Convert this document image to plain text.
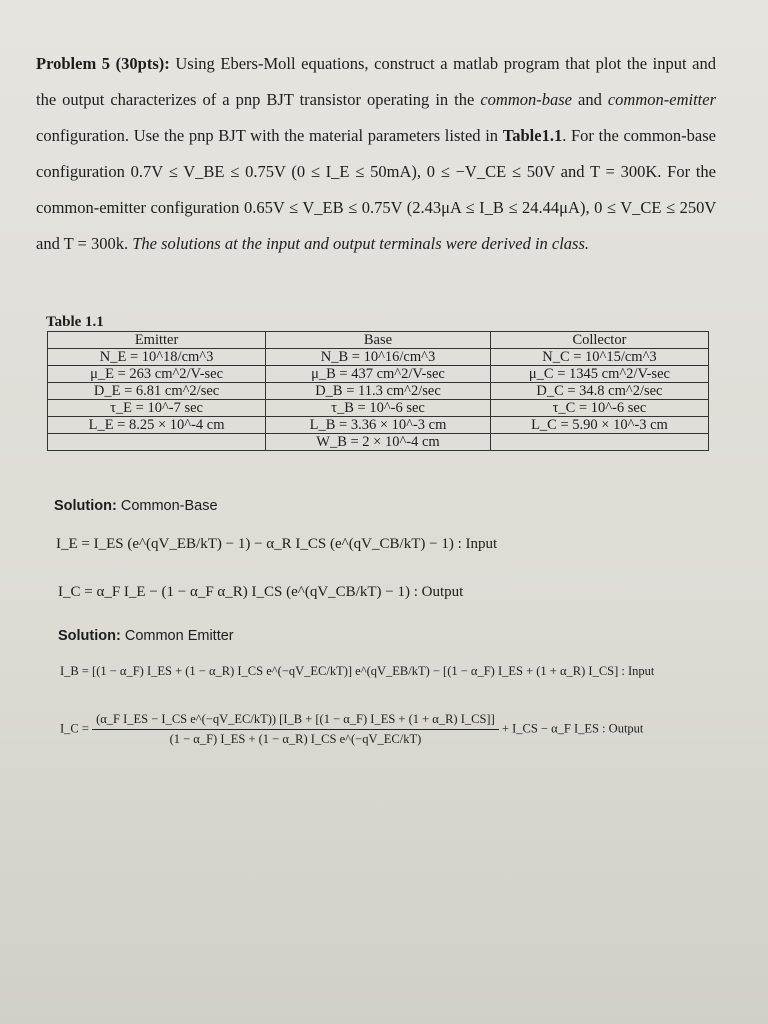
Problem 5 (30pts): Using Ebers-Moll equations, construct a matlab program that plot the input and the output characterizes of a pnp BJT transistor operating in the common-base and common-emitter configuration. Use the pnp BJT with the material parameters listed in Table1.1. For the common-base configuration 0.7V ≤ V_BE ≤ 0.75V (0 ≤ I_E ≤ 50mA), 0 ≤ −V_CE ≤ 50V and T = 300K. For the common-emitter configuration 0.65V ≤ V_EB ≤ 0.75V (2.43μA ≤ I_B ≤ 24.44μA), 0 ≤ V_CE ≤ 250V and T = 300k. The solutions at the input and output terminals were derived in class.
Table 1.1
Emitter	Base	Collector
N_E = 10^18/cm^3	N_B = 10^16/cm^3	N_C = 10^15/cm^3
μ_E = 263 cm^2/V-sec	μ_B = 437 cm^2/V-sec	μ_C = 1345 cm^2/V-sec
D_E = 6.81 cm^2/sec	D_B = 11.3 cm^2/sec	D_C = 34.8 cm^2/sec
τ_E = 10^-7 sec	τ_B = 10^-6 sec	τ_C = 10^-6 sec
L_E = 8.25 × 10^-4 cm	L_B = 3.36 × 10^-3 cm	L_C = 5.90 × 10^-3 cm
	W_B = 2 × 10^-4 cm	
Solution: Common-Base
I_E = I_ES (e^(qV_EB/kT) − 1) − α_R I_CS (e^(qV_CB/kT) − 1) : Input
I_C = α_F I_E − (1 − α_F α_R) I_CS (e^(qV_CB/kT) − 1) : Output
Solution: Common Emitter
I_B = [(1 − α_F) I_ES + (1 − α_R) I_CS e^(−qV_EC/kT)] e^(qV_EB/kT) − [(1 − α_F) I_ES + (1 + α_R) I_CS] : Input
I_C =
(α_F I_ES − I_CS e^(−qV_EC/kT)) [I_B + [(1 − α_F) I_ES + (1 + α_R) I_CS]]
(1 − α_F) I_ES + (1 − α_R) I_CS e^(−qV_EC/kT)
+ I_CS − α_F I_ES : Output
